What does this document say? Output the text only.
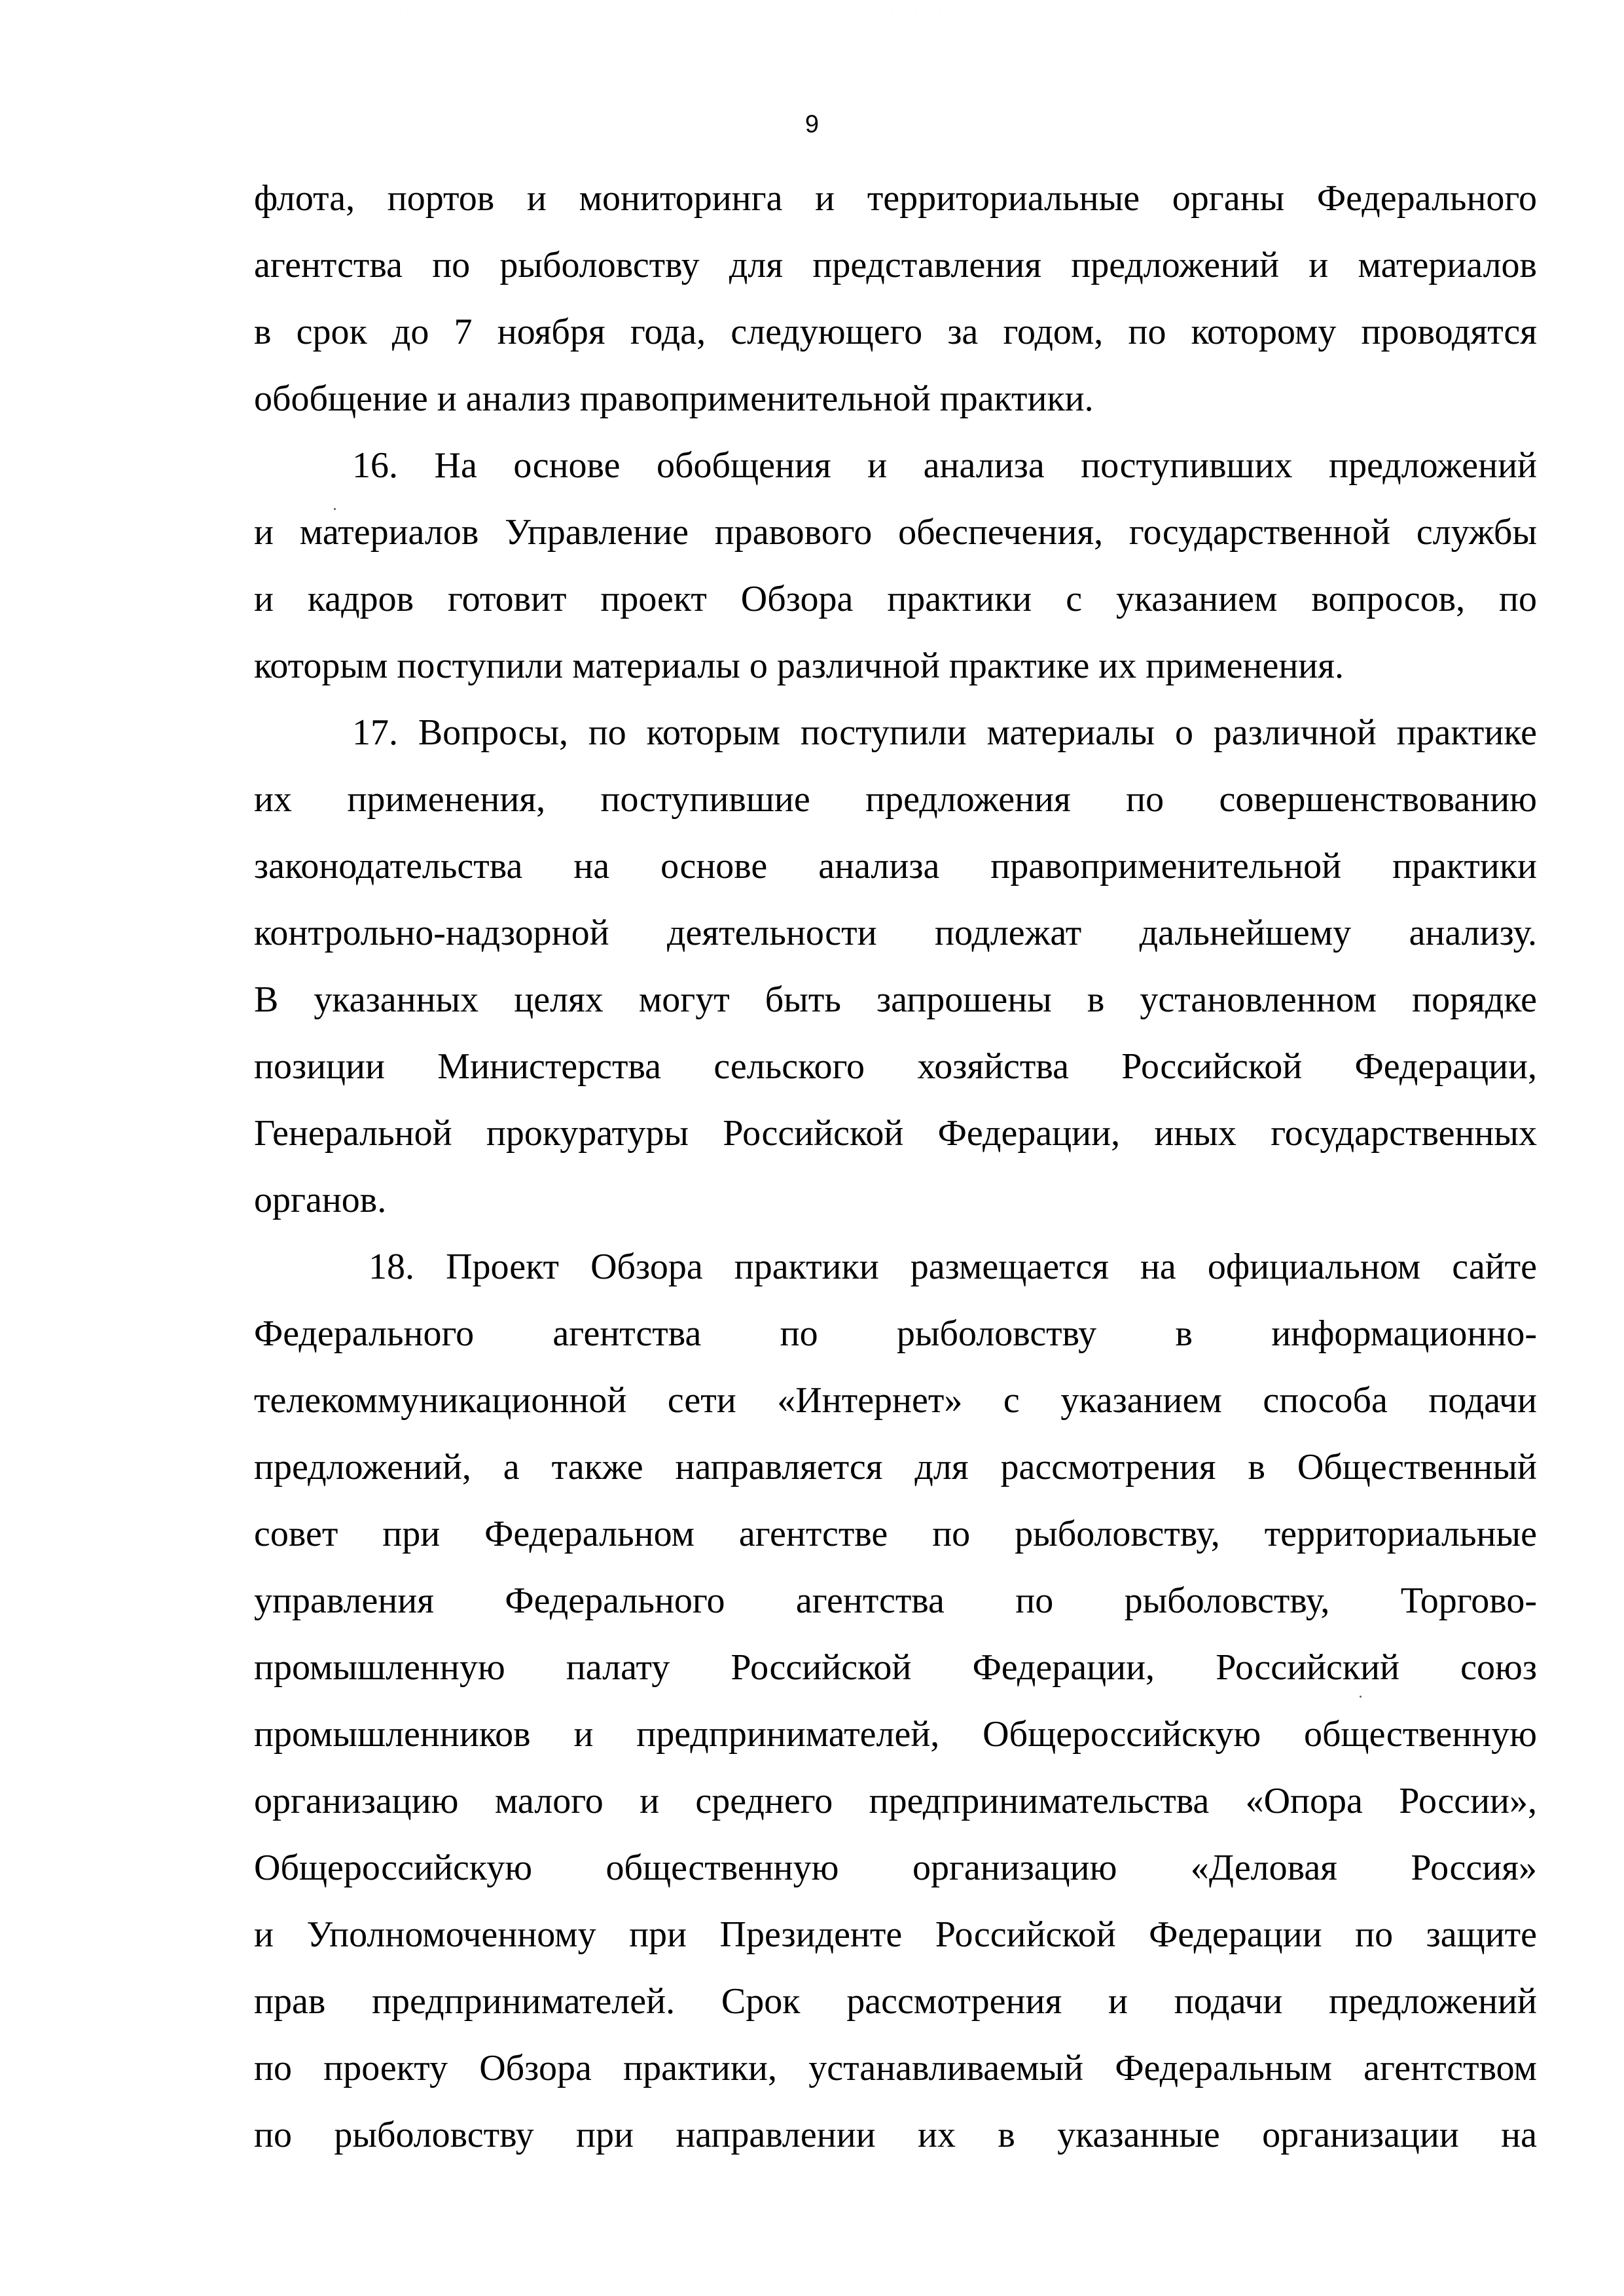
9
флота, портов и мониторинга и территориальные органы Федерального
агентства по рыболовству для представления предложений и материалов
в срок до 7 ноября года, следующего за годом, по которому проводятся
обобщение и анализ правоприменительной практики.
16. На основе обобщения и анализа поступивших предложений
и материалов Управление правового обеспечения, государственной службы
и кадров готовит проект Обзора практики с указанием вопросов, по
которым поступили материалы о различной практике их применения.
17. Вопросы, по которым поступили материалы о различной практике
их применения, поступившие предложения по совершенствованию
законодательства на основе анализа правоприменительной практики
контрольно-надзорной деятельности подлежат дальнейшему анализу.
В указанных целях могут быть запрошены в установленном порядке
позиции Министерства сельского хозяйства Российской Федерации,
Генеральной прокуратуры Российской Федерации, иных государственных
органов.
18. Проект Обзора практики размещается на официальном сайте
Федерального агентства по рыболовству в информационно-
телекоммуникационной сети «Интернет» с указанием способа подачи
предложений, а также направляется для рассмотрения в Общественный
совет при Федеральном агентстве по рыболовству, территориальные
управления Федерального агентства по рыболовству, Торгово-
промышленную палату Российской Федерации, Российский союз
промышленников и предпринимателей, Общероссийскую общественную
организацию малого и среднего предпринимательства «Опора России»,
Общероссийскую общественную организацию «Деловая Россия»
и Уполномоченному при Президенте Российской Федерации по защите
прав предпринимателей. Срок рассмотрения и подачи предложений
по проекту Обзора практики, устанавливаемый Федеральным агентством
по рыболовству при направлении их в указанные организации на
